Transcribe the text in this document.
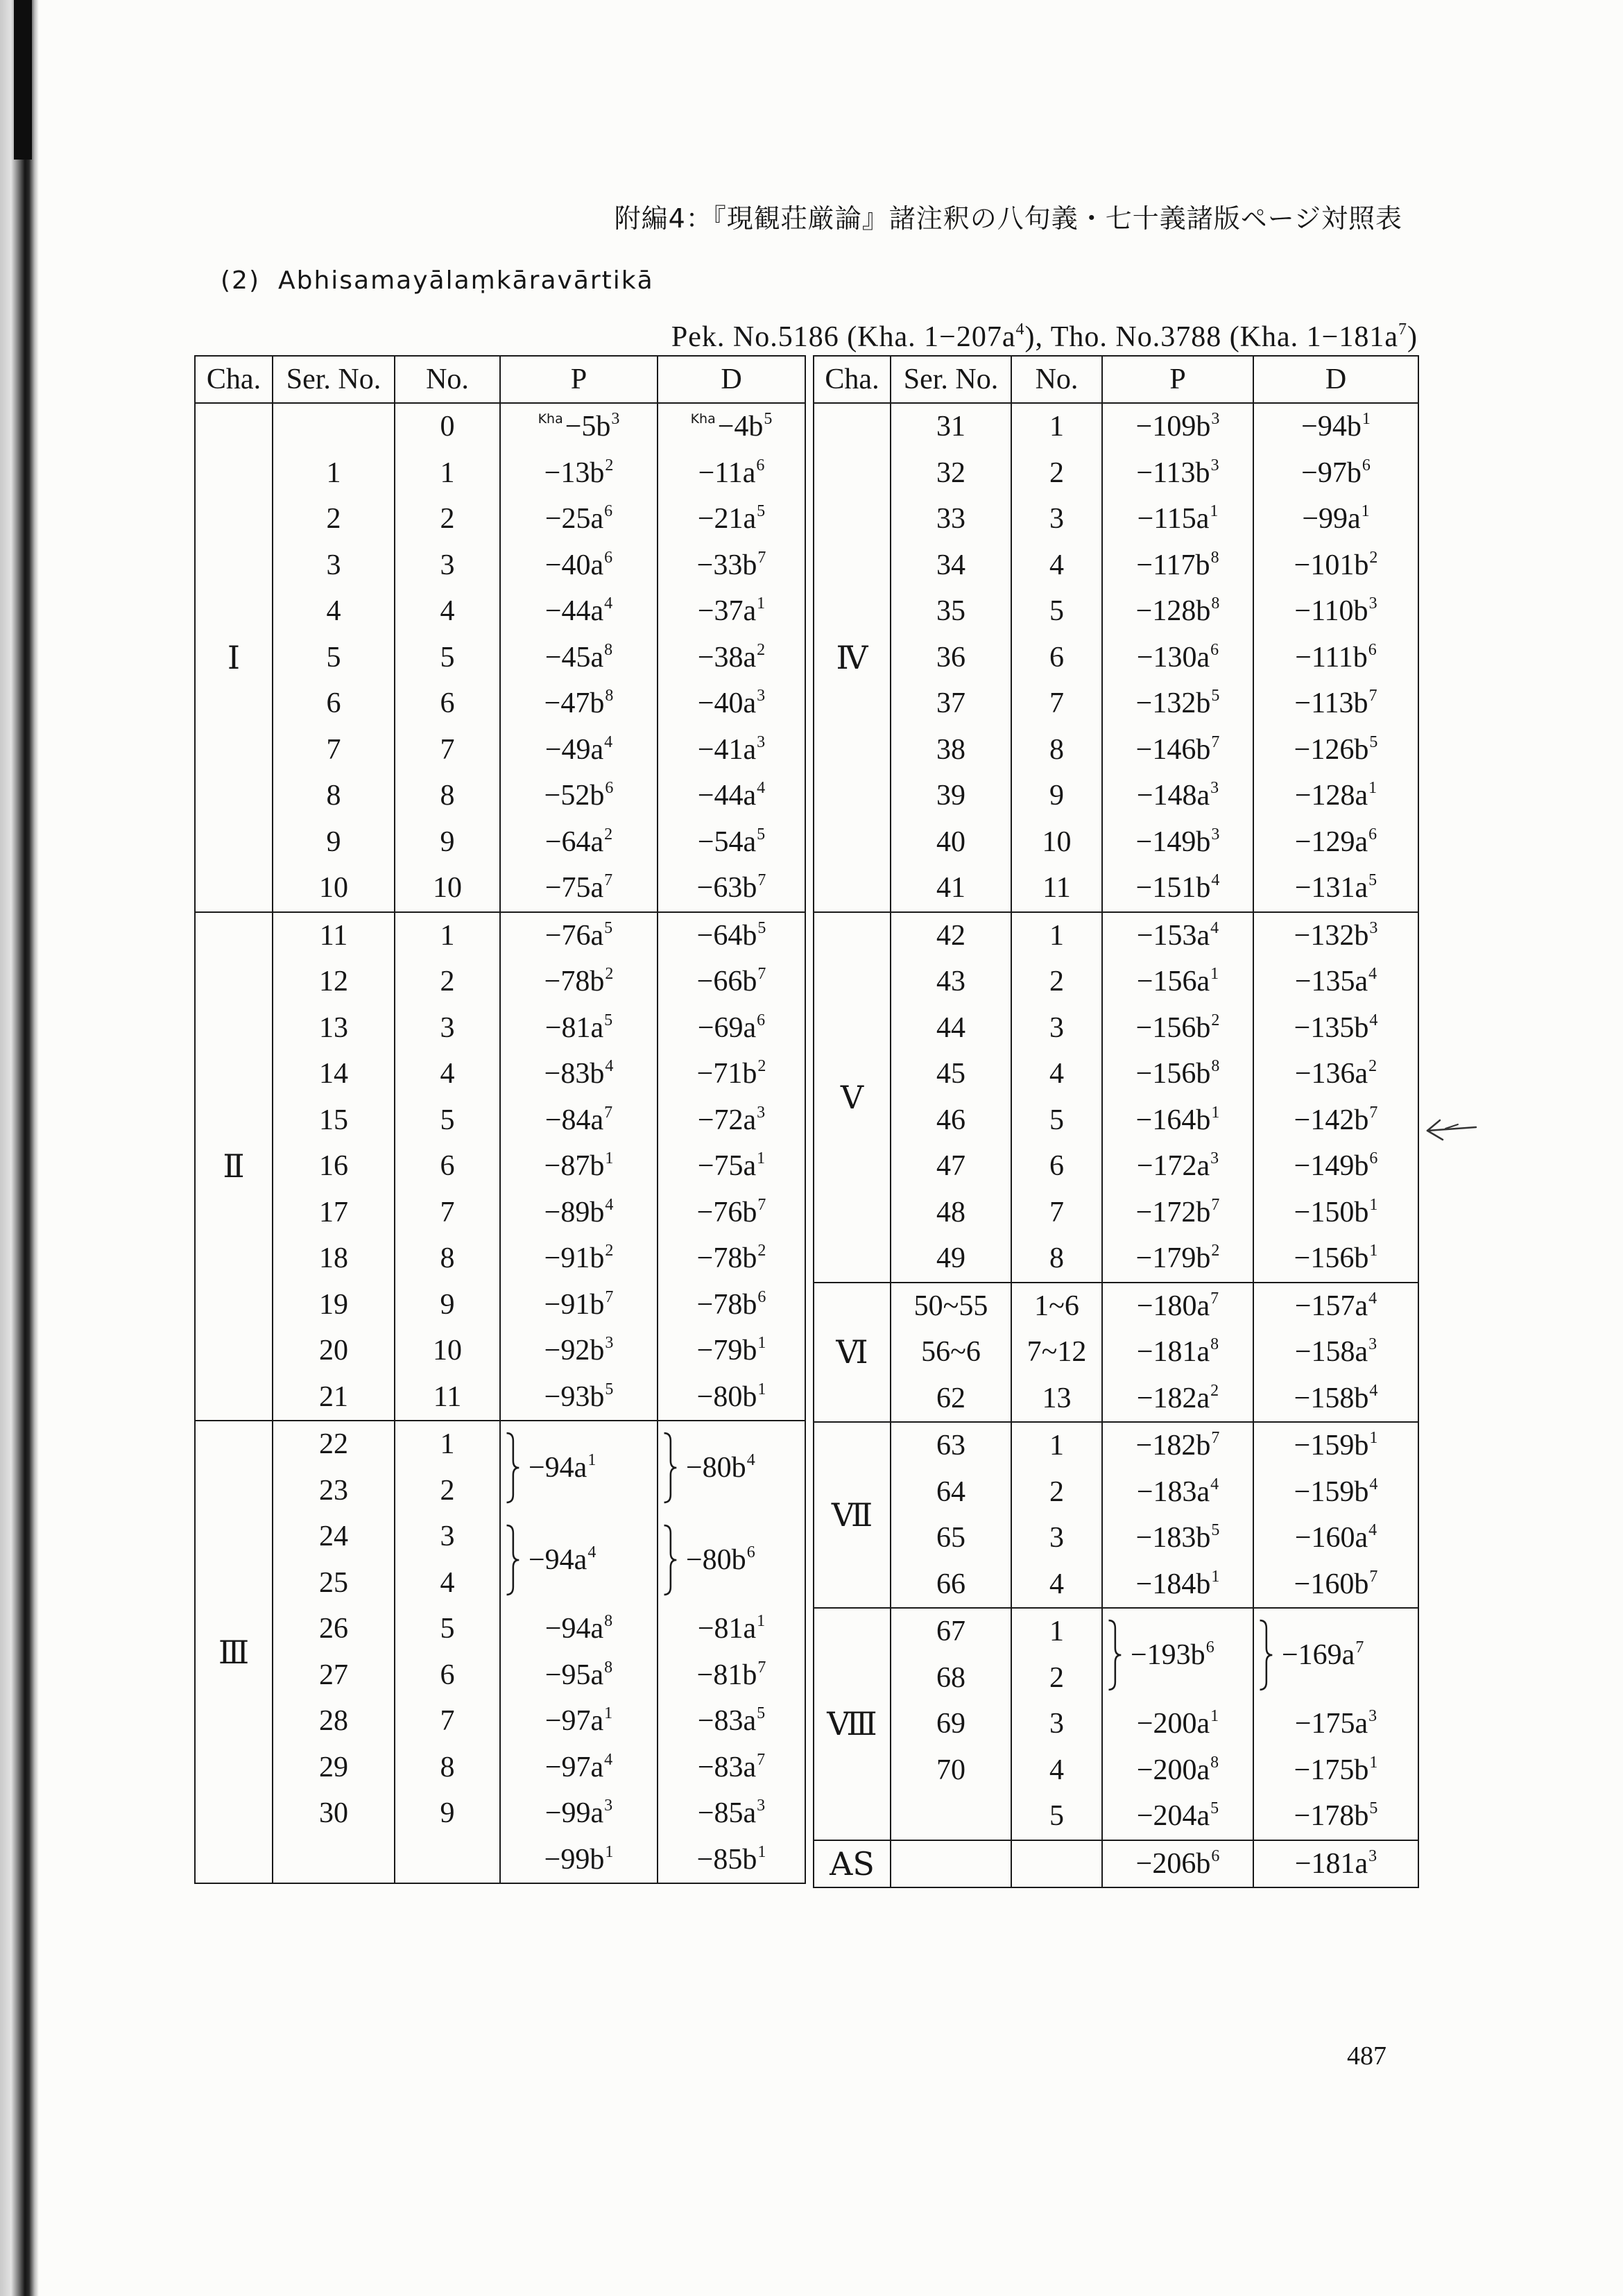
附編4：『現観荘厳論』諸注釈の八句義・七十義諸版ページ対照表
(2) Abhisamayālaṃkāravārtikā
Pek. No.5186 (Kha. $1-207a^4$), Tho. No.3788 (Kha. $1-181a^7$)
Cha.	Ser. No.	No.	P	D
Ⅰ		0	$^{Kha}-5b^3$	$^{Kha}-4b^5$
	1	1	$-13b^2$	$-11a^6$
	2	2	$-25a^6$	$-21a^5$
	3	3	$-40a^6$	$-33b^7$
	4	4	$-44a^4$	$-37a^1$
	5	5	$-45a^8$	$-38a^2$
	6	6	$-47b^8$	$-40a^3$
	7	7	$-49a^4$	$-41a^3$
	8	8	$-52b^6$	$-44a^4$
	9	9	$-64a^2$	$-54a^5$
	10	10	$-75a^7$	$-63b^7$
Ⅱ	11	1	$-76a^5$	$-64b^5$
	12	2	$-78b^2$	$-66b^7$
	13	3	$-81a^5$	$-69a^6$
	14	4	$-83b^4$	$-71b^2$
	15	5	$-84a^7$	$-72a^3$
	16	6	$-87b^1$	$-75a^1$
	17	7	$-89b^4$	$-76b^7$
	18	8	$-91b^2$	$-78b^2$
	19	9	$-91b^7$	$-78b^6$
	20	10	$-92b^3$	$-79b^1$
	21	11	$-93b^5$	$-80b^1$
Ⅲ	22	1	$-94a^1$	$-80b^4$

	23	2		
	24	3	$-94a^4$	$-80b^6$

	25	4		
	26	5	$-94a^8$	$-81a^1$
	27	6	$-95a^8$	$-81b^7$
	28	7	$-97a^1$	$-83a^5$
	29	8	$-97a^4$	$-83a^7$
	30	9	$-99a^3$	$-85a^3$
			$-99b^1$	$-85b^1$
Cha.	Ser. No.	No.	P	D
Ⅳ	31	1	$-109b^3$	$-94b^1$
	32	2	$-113b^3$	$-97b^6$
	33	3	$-115a^1$	$-99a^1$
	34	4	$-117b^8$	$-101b^2$
	35	5	$-128b^8$	$-110b^3$
	36	6	$-130a^6$	$-111b^6$
	37	7	$-132b^5$	$-113b^7$
	38	8	$-146b^7$	$-126b^5$
	39	9	$-148a^3$	$-128a^1$
	40	10	$-149b^3$	$-129a^6$
	41	11	$-151b^4$	$-131a^5$
Ⅴ	42	1	$-153a^4$	$-132b^3$
	43	2	$-156a^1$	$-135a^4$
	44	3	$-156b^2$	$-135b^4$
	45	4	$-156b^8$	$-136a^2$
	46	5	$-164b^1$	$-142b^7$
	47	6	$-172a^3$	$-149b^6$
	48	7	$-172b^7$	$-150b^1$
	49	8	$-179b^2$	$-156b^1$
Ⅵ	50~55	1~6	$-180a^7$	$-157a^4$
	56~6	7~12	$-181a^8$	$-158a^3$
	62	13	$-182a^2$	$-158b^4$
Ⅶ	63	1	$-182b^7$	$-159b^1$
	64	2	$-183a^4$	$-159b^4$
	65	3	$-183b^5$	$-160a^4$
	66	4	$-184b^1$	$-160b^7$
Ⅷ	67	1	$-193b^6$	$-169a^7$

	68	2		
	69	3	$-200a^1$	$-175a^3$
	70	4	$-200a^8$	$-175b^1$
		5	$-204a^5$	$-178b^5$
AS			$-206b^6$	$-181a^3$
487
